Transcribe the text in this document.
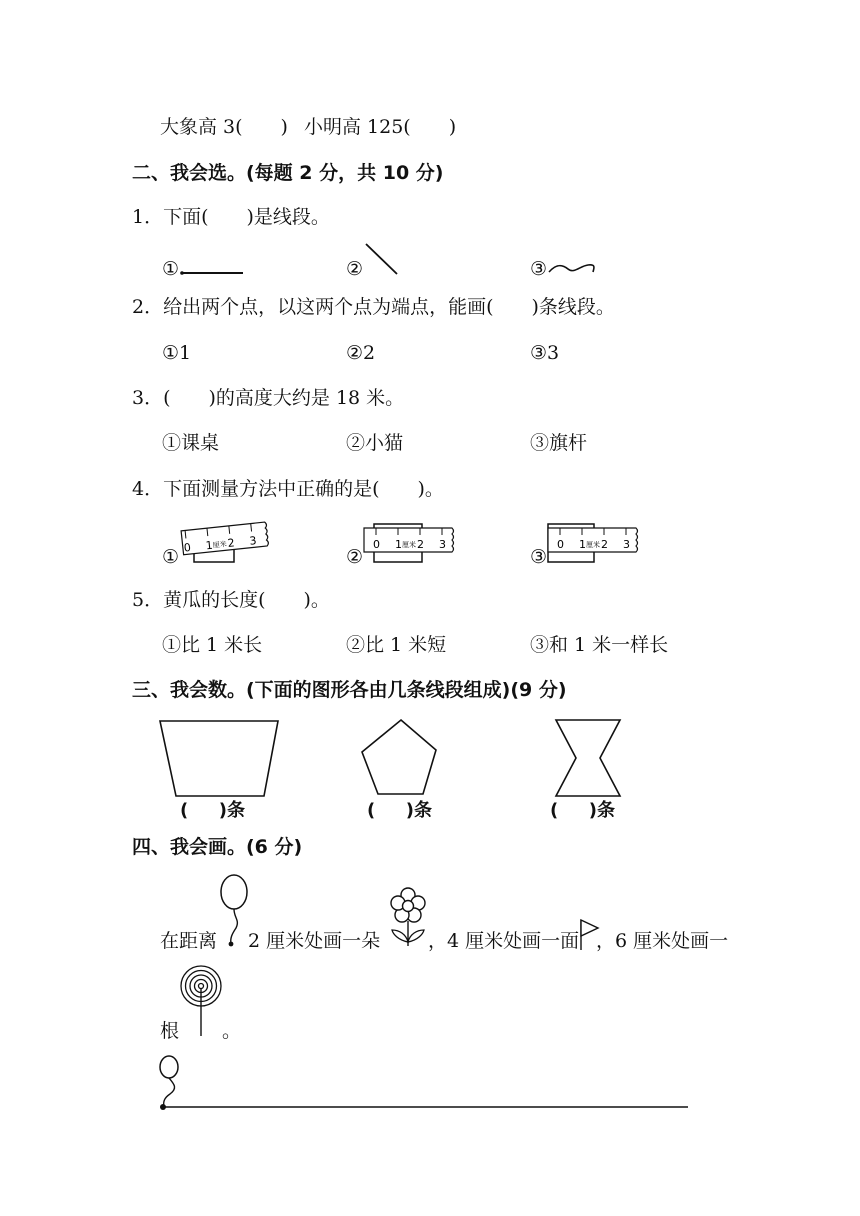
大象高 3(　　) 小明高 125(　　)
二、我会选。(每题 2 分，共 10 分)
1．下面(　　)是线段。
①	②	③
2．给出两个点，以这两个点为端点，能画(　　)条线段。
①1	②2	③3
3．(　　)的高度大约是 18 米。
①课桌	②小猫	③旗杆
4．下面测量方法中正确的是(　　)。
① 0 1
厘米 2 3
②
0 1 厘米 2 3
③
0 1 厘米 2 3
5．黄瓜的长度(　　)。
①比 1 米长	②比 1 米短	③和 1 米一样长
三、我会数。(下面的图形各由几条线段组成)(9 分)
(　  )条	(　  )条	(　  )条
四、我会画。(6 分)
在距离 2 厘米处画一朵	，4 厘米处画一面 ，6 厘米处画一
根 。
